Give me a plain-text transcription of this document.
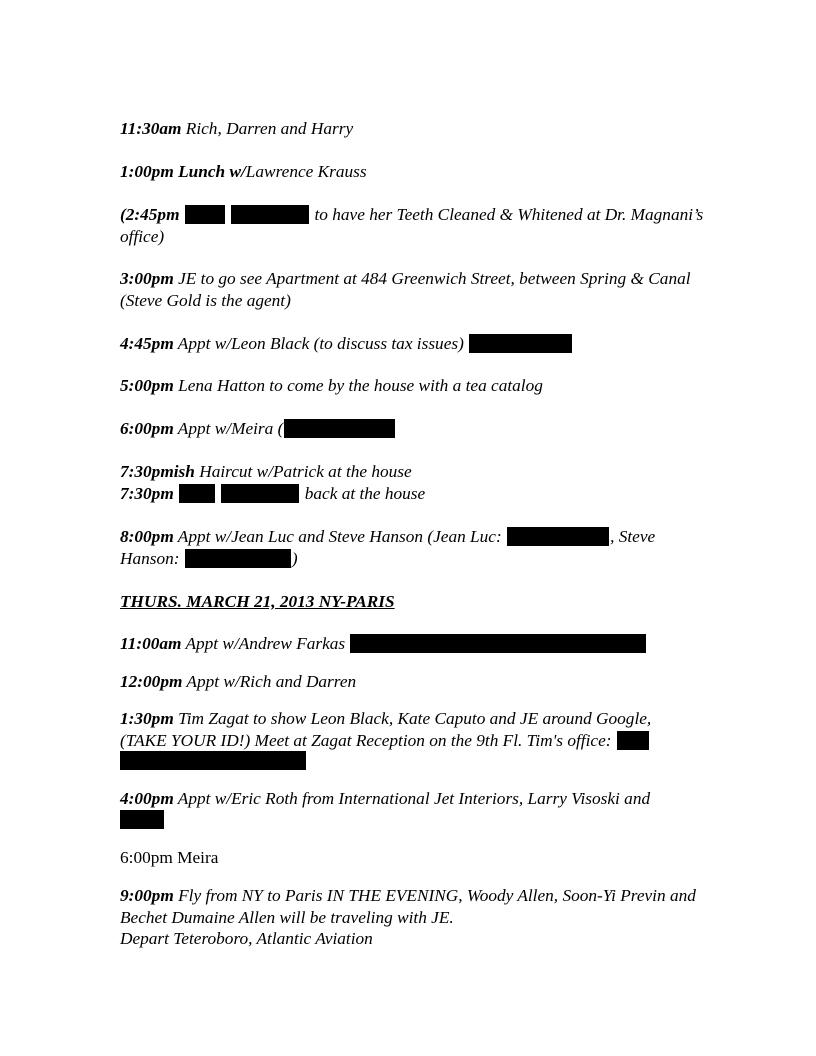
11:30am Rich, Darren and Harry
1:00pm Lunch w/Lawrence Krauss
(2:45pm	to have her Teeth Cleaned & Whitened at Dr. Magnani’s office)
3:00pm JE to go see Apartment at 484 Greenwich Street, between Spring & Canal (Steve Gold is the agent)
4:45pm Appt w/Leon Black (to discuss tax issues)
5:00pm Lena Hatton to come by the house with a tea catalog
6:00pm Appt w/Meira (
7:30pmish Haircut w/Patrick at the house
7:30pm	back at the house
8:00pm Appt w/Jean Luc and Steve Hanson (Jean Luc:	, Steve Hanson:	)
THURS. MARCH 21, 2013 NY-PARIS
11:00am Appt w/Andrew Farkas
12:00pm Appt w/Rich and Darren
1:30pm Tim Zagat to show Leon Black, Kate Caputo and JE around Google, (TAKE YOUR ID!) Meet at Zagat Reception on the 9th Fl. Tim's office:
4:00pm Appt w/Eric Roth from International Jet Interiors, Larry Visoski and
6:00pm Meira
9:00pm Fly from NY to Paris IN THE EVENING, Woody Allen, Soon-Yi Previn and Bechet Dumaine Allen will be traveling with JE.
Depart Teteroboro, Atlantic Aviation
